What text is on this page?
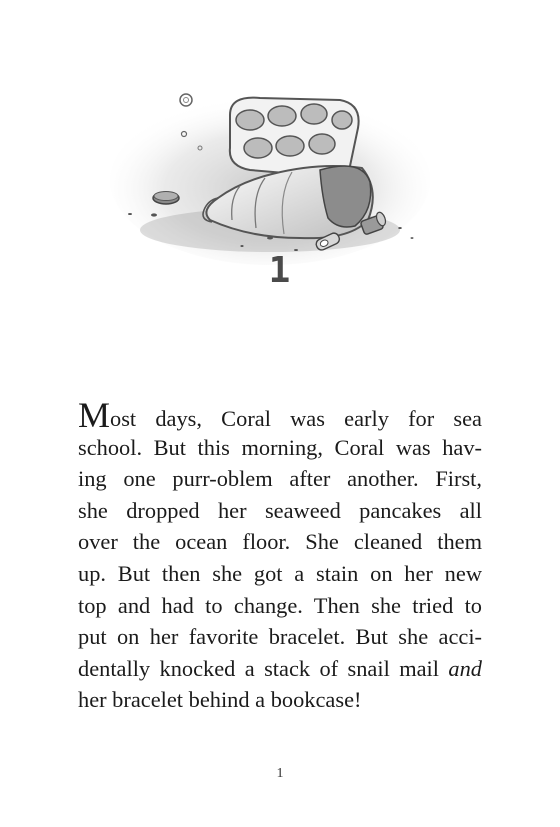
1
Most days, Coral was early for sea
school. But this morning, Coral was hav-
ing one purr-oblem after another. First,
she dropped her seaweed pancakes all
over the ocean floor. She cleaned them
up. But then she got a stain on her new
top and had to change. Then she tried to
put on her favorite bracelet. But she acci-
dentally knocked a stack of snail mail and
her bracelet behind a bookcase!
1
